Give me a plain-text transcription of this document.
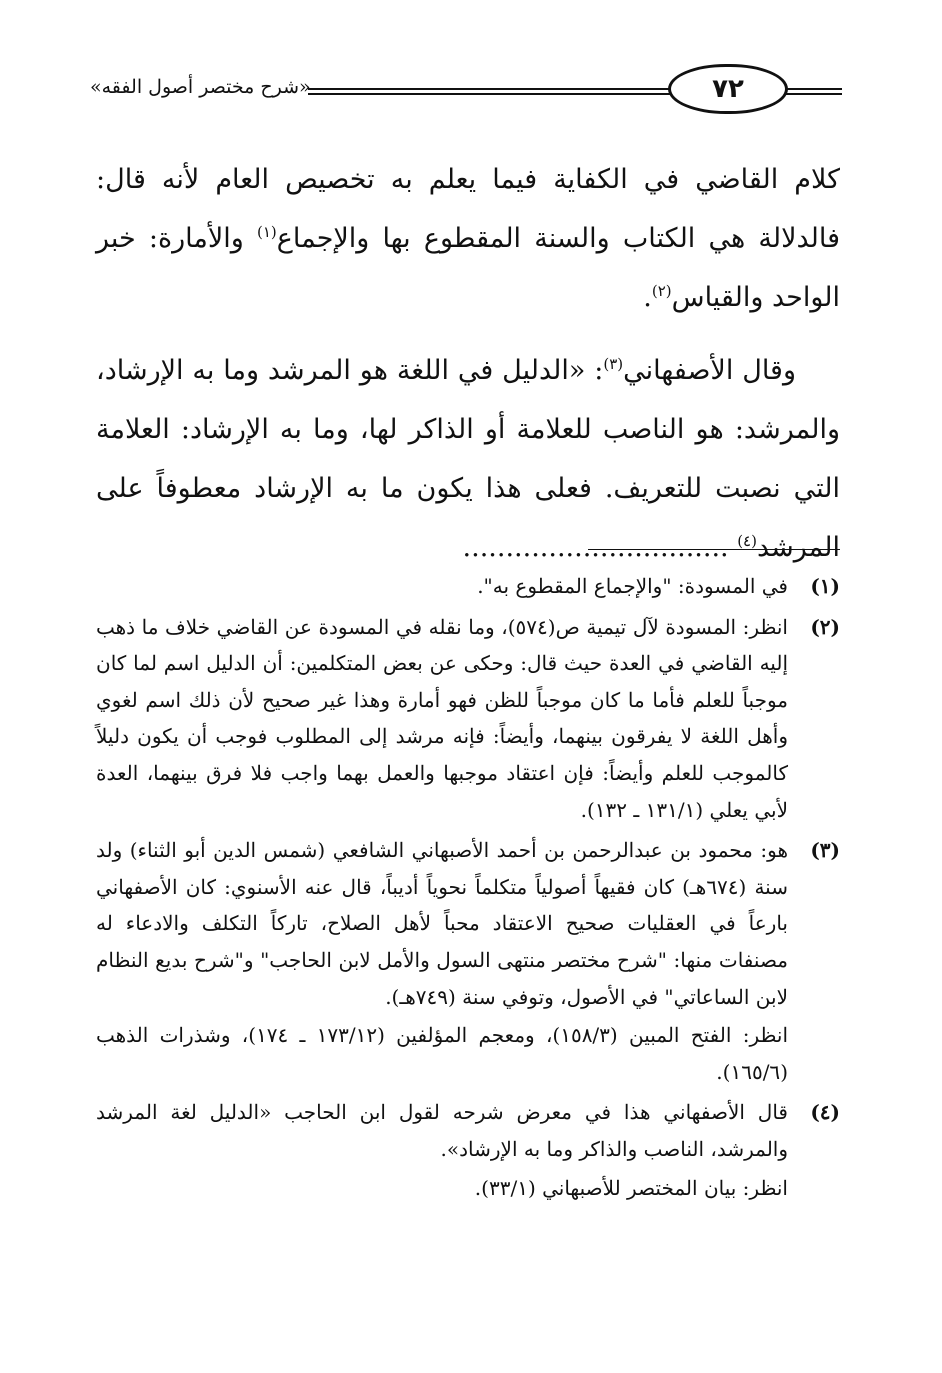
«شرح مختصر أصول الفقه»	٧٢

كلام القاضي في الكفاية فيما يعلم به تخصيص العام لأنه قال: فالدلالة هي الكتاب والسنة المقطوع بها والإجماع$^{(١)}$ والأمارة: خبر الواحد والقياس$^{(٢)}$.

وقال الأصفهاني$^{(٣)}$: «الدليل في اللغة هو المرشد وما به الإرشاد، والمرشد: هو الناصب للعلامة أو الذاكر لها، وما به الإرشاد: العلامة التي نصبت للتعريف. فعلى هذا يكون ما به الإرشاد معطوفاً على المرشد$^{(٤)}$ ...............................

(١)
في المسودة: "والإجماع المقطوع به".
(٢)
انظر: المسودة لآل تيمية ص(٥٧٤)، وما نقله في المسودة عن القاضي خلاف ما ذهب إليه القاضي في العدة حيث قال: وحكى عن بعض المتكلمين: أن الدليل اسم لما كان موجباً للعلم فأما ما كان موجباً للظن فهو أمارة وهذا غير صحيح لأن ذلك اسم لغوي وأهل اللغة لا يفرقون بينهما، وأيضاً: فإنه مرشد إلى المطلوب فوجب أن يكون دليلاً كالموجب للعلم وأيضاً: فإن اعتقاد موجبها والعمل بهما واجب فلا فرق بينهما، العدة لأبي يعلي (١٣١/١ ـ ١٣٢).
(٣)
هو: محمود بن عبدالرحمن بن أحمد الأصبهاني الشافعي (شمس الدين أبو الثناء) ولد سنة (٦٧٤هـ) كان فقيهاً أصولياً متكلماً نحوياً أديباً، قال عنه الأسنوي: كان الأصفهاني بارعاً في العقليات صحيح الاعتقاد محباً لأهل الصلاح، تاركاً التكلف والادعاء له مصنفات منها: "شرح مختصر منتهى السول والأمل لابن الحاجب" و"شرح بديع النظام لابن الساعاتي" في الأصول، وتوفي سنة (٧٤٩هـ).
انظر: الفتح المبين (١٥٨/٣)، ومعجم المؤلفين (١٧٣/١٢ ـ ١٧٤)، وشذرات الذهب (١٦٥/٦).
(٤)
قال الأصفهاني هذا في معرض شرحه لقول ابن الحاجب «الدليل لغة المرشد والمرشد، الناصب والذاكر وما به الإرشاد».
انظر: بيان المختصر للأصبهاني (٣٣/١).
